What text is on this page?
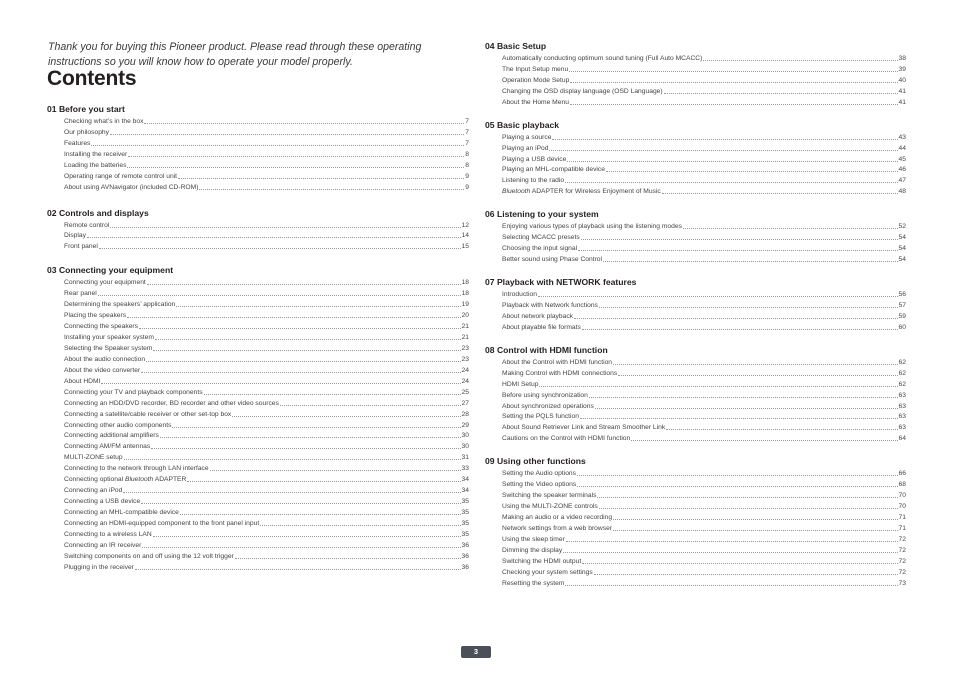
Thank you for buying this Pioneer product. Please read through these operating instructions so you will know how to operate your model properly.

Contents
01 Before you start
Checking what’s in the box	7
Our philosophy	7
Features	7
Installing the receiver	8
Loading the batteries	8
Operating range of remote control unit	9
About using AVNavigator (included CD-ROM)	9
02 Controls and displays
Remote control	12
Display	14
Front panel	15
03 Connecting your equipment
Connecting your equipment	18
Rear panel	18
Determining the speakers’ application	19
Placing the speakers	20
Connecting the speakers	21
Installing your speaker system	21
Selecting the Speaker system	23
About the audio connection	23
About the video converter	24
About HDMI	24
Connecting your TV and playback components	25
Connecting an HDD/DVD recorder, BD recorder and other video sources	27
Connecting a satellite/cable receiver or other set-top box	28
Connecting other audio components	29
Connecting additional amplifiers	30
Connecting AM/FM antennas	30
MULTI-ZONE setup	31
Connecting to the network through LAN interface	33
Connecting optional Bluetooth ADAPTER	34
Connecting an iPod	34
Connecting a USB device	35
Connecting an MHL-compatible device	35
Connecting an HDMI-equipped component to the front panel input	35
Connecting to a wireless LAN	35
Connecting an IR receiver	36
Switching components on and off using the 12 volt trigger	36
Plugging in the receiver	36
04 Basic Setup
Automatically conducting optimum sound tuning (Full Auto MCACC)	38
The Input Setup menu	39
Operation Mode Setup	40
Changing the OSD display language (OSD Language)	41
About the Home Menu	41
05 Basic playback
Playing a source	43
Playing an iPod	44
Playing a USB device	45
Playing an MHL-compatible device	46
Listening to the radio	47
Bluetooth ADAPTER for Wireless Enjoyment of Music	48
06 Listening to your system
Enjoying various types of playback using the listening modes	52
Selecting MCACC presets	54
Choosing the input signal	54
Better sound using Phase Control	54
07 Playback with NETWORK features
Introduction	56
Playback with Network functions	57
About network playback	59
About playable file formats	60
08 Control with HDMI function
About the Control with HDMI function	62
Making Control with HDMI connections	62
HDMI Setup	62
Before using synchronization	63
About synchronized operations	63
Setting the PQLS function	63
About Sound Retriever Link and Stream Smoother Link	63
Cautions on the Control with HDMI function	64
09 Using other functions
Setting the Audio options	66
Setting the Video options	68
Switching the speaker terminals	70
Using the MULTI-ZONE controls	70
Making an audio or a video recording	71
Network settings from a web browser	71
Using the sleep timer	72
Dimming the display	72
Switching the HDMI output	72
Checking your system settings	72
Resetting the system	73
3
